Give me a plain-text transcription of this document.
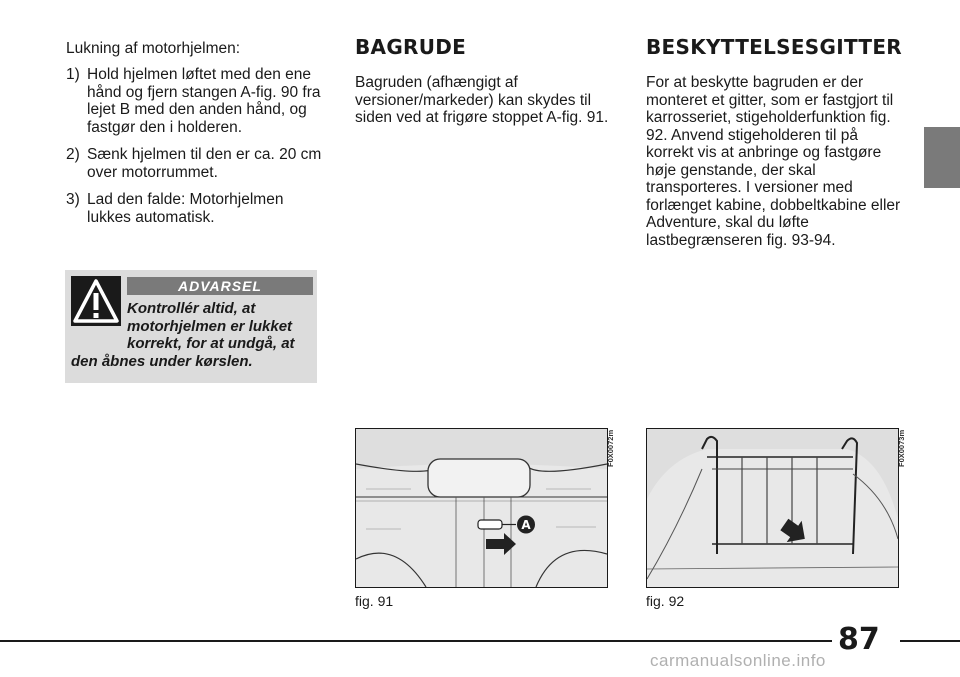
Lukning af motorhjelmen:

1) Hold hjelmen løftet med den ene hånd og fjern stangen A-fig. 90 fra lejet B med den anden hånd, og fastgør den i holderen.
2) Sænk hjelmen til den er ca. 20 cm over motorrummet.
3) Lad den falde: Motorhjelmen lukkes automatisk.
ADVARSEL

Kontrollér altid, at motorhjelmen er lukket korrekt, for at undgå, at den åbnes under kørslen.

BAGRUDE

Bagruden (afhængigt af versioner/markeder) kan skydes til siden ved at frigøre stoppet A-fig. 91.

BESKYTTELSESGITTER

For at beskytte bagruden er der monteret et gitter, som er fastgjort til karrosseriet, stigeholderfunktion fig. 92. Anvend stigeholderen til på korrekt vis at anbringe og fastgøre høje genstande, der skal transporteres. I versioner med forlænget kabine, dobbeltkabine eller Adventure, skal du løfte lastbegrænseren fig. 93-94.

A
F0X0072m
fig. 91
F0X0073m
fig. 92
87
carmanualsonline.info
